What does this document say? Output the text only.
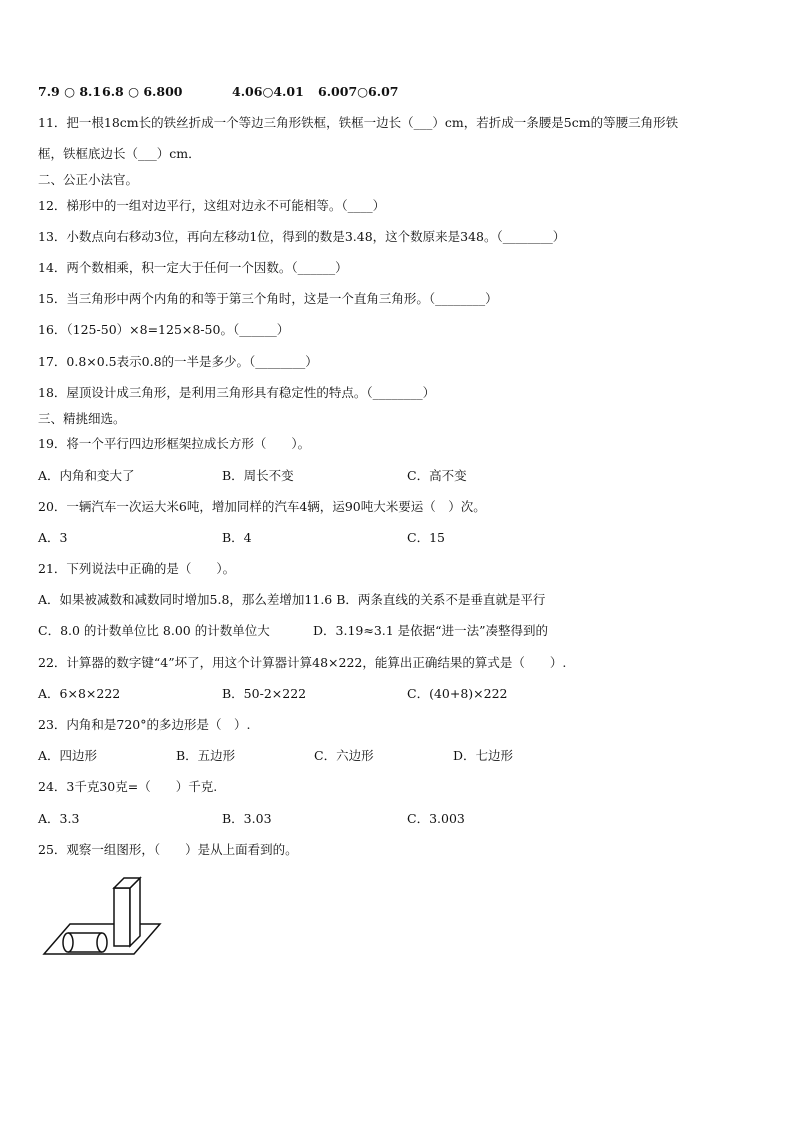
7.9 ○ 8.1 6.8 ○ 6.800	4.06○4.01 6.007○6.07
11．把一根18cm长的铁丝折成一个等边三角形铁框，铁框一边长（___）cm，若折成一条腰是5cm的等腰三角形铁
框，铁框底边长（___）cm．
二、公正小法官。
12．梯形中的一组对边平行，这组对边永不可能相等。（____）
13．小数点向右移动3位，再向左移动1位，得到的数是3.48，这个数原来是348。（________）
14．两个数相乘，积一定大于任何一个因数。（______）
15．当三角形中两个内角的和等于第三个角时，这是一个直角三角形。（________）
16．（125-50）×8=125×8-50。（______）
17．0.8×0.5表示0.8的一半是多少。（________）
18．屋顶设计成三角形，是利用三角形具有稳定性的特点。（________）
三、精挑细选。
19．将一个平行四边形框架拉成长方形（　　）。
A．内角和变大了	B．周长不变	C．高不变
20．一辆汽车一次运大米6吨，增加同样的汽车4辆，运90吨大米要运（　）次。
A．3	B．4	C．15
21．下列说法中正确的是（　　）。
A．如果被减数和减数同时增加5.8，那么差增加11.6 B．两条直线的关系不是垂直就是平行
C．8.0 的计数单位比 8.00 的计数单位大	D．3.19≈3.1 是依据“进一法”凑整得到的
22．计算器的数字键“4”坏了，用这个计算器计算48×222，能算出正确结果的算式是（　　）.
A．6×8×222	B．50-2×222	C．(40+8)×222
23．内角和是720°的多边形是（　）.
A．四边形	B．五边形	C．六边形	D．七边形
24．3千克30克=（　　）千克.
A．3.3	B．3.03	C．3.003
25．观察一组图形，（　　）是从上面看到的。
